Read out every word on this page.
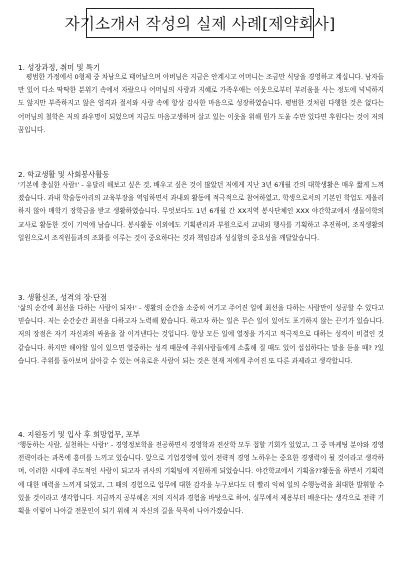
자기소개서 작성의 실제 사례[제약회사]
1. 성장과정, 취미 및 특기
평범한 가정에서 0형제 중 차남으로 태어났으며 아버님은 지금은 안계시고 어머니는 조금만 식당을 경영하고 계십니다. 남자들만 있어 다소 딱딱한 분위기 속에서 자랐으나 어머님의 사랑과 지혜로 가족우애는 이웃으로부터 부러움을 사는 정도에 넉넉하지도 않지만 부족하지고 않은 엄격과 절서와 사랑 속에 항상 감사한 마음으로 성장하였습니다. 평범한 것처럼 다행한 것은 없다는 어머님의 철학은 저의 좌우명이 되었으며 지금도 마음고생하며 살고 있는 이웃을 위해 뭔가 도울 수만 있다면 후원다는 것이 저의 꿈입니다.
2. 학교생활 및 사회봉사활동
'기본에 충실한 사람!' - 유달리 해보고 싶은 것, 배우고 싶은 것이 많았던 저에게 지난 3년 6개월 간의 대학생활은 매우 짧게 느껴졌습니다. 과내 학술동아리의 교육부장을 역임하면서 과내외 활동에 적극적으로 참여하였고, 학생으로서의 기본인 학업도 게을리 하지 않아 매학기 장학금을 받고 생활하였습니다. 무엇보다도 1년 6개월 간 XX지역 봉사단체인 XXX 야간학교에서 생물이학의 교사로 활동한 것이 기억에 남습니다. 봉사활동 이외에도 기획관리과 부원으로서 교내외 행사를 기획하고 추진하며, 조직생활의 일원으로서 조직원들과의 조화를 이루는 것이 중요하다는 것과 책임감과 성실함의 중요성을 깨달았습니다.
3. 생활신조, 성격의 장·단점
'삶의 순간에 최선을 다하는 사람이 되자!' - 생활의 순간을 소중히 여기고 주어진 일에 최선을 다하는 사람만이 성공할 수 있다고 믿습니다. 저는 순간순간 최선을 다하고자 노력해 왔습니다. 하고자 하는 일은 무슨 일이 있어도 포기하지 않는 끈기가 있습니다. 저의 장점은 자기 자신과의 싸움을 잘 이겨낸다는 것입니다. 항상 모든 일에 열정을 가지고 적극적으로 대하는 성격이 비결인 것 같습니다. 하지만 해야할 일이 있으면 열중하는 성격 때문에 주위사람들에게 소홀해 질 때도 있어 섭섭하다는 말을 듣을 때? ?있습니다. 주위를 돌아보며 살아갈 수 있는 여유로운 사람이 되는 것은 현재 저에게 주어진 또 다른 과제라고 생각합니다.
4. 지원동기 및 입사 후 희망업무, 포부
'행동하는 사람, 실천하는 사람!' - 경영정보학을 전공하면서 경영학과 전산학 모두 접할 기회가 있었고, 그 중 마케팅 분야와 경영전략이라는 과목에 흥미를 느끼고 있습니다. 앞으로 기업경영에 있어 전략적 경영 노하우는 중요한 경쟁력이 될 것이라고 생각하며, 이러한 시대에 주도적인 사람이 되고자 귀사의 기획팀에 지원하게 되었습니다. 야간학교에서 기획을??활동을 하면서 기획력에 대한 매력을 느끼게 되었고, 그 때의 경험으로 업무에 대한 감각을 누구보다도 더 빨리 익혀 일의 수행능력을 최대한 발휘할 수 있을 것이라고 생각합니다. 지금까지 공부해온 저의 지식과 경험을 바탕으로 하여, 실무에서 제용부터 배운다는 생각으로 전략 기획을 이렇어 나아갈 전문인이 되기 위해 저 자신의 길을 묵묵히 나아가겠습니다.
